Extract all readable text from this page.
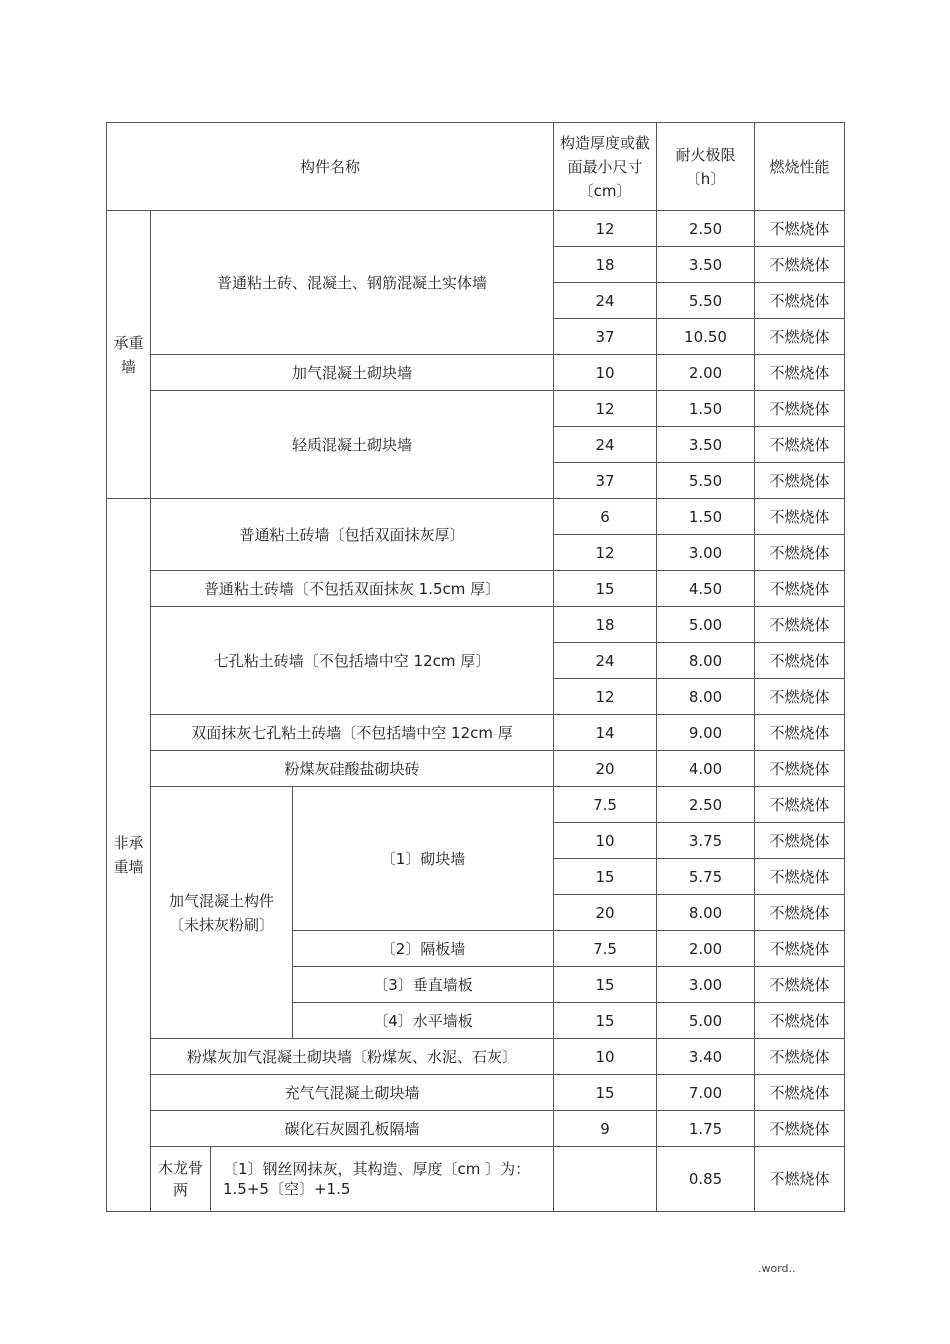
构件名称				构造厚度或截面最小尺寸〔cm〕	耐火极限〔h〕	燃烧性能
承重墙	普通粘土砖、混凝土、钢筋混凝土实体墙			12	2.50	不燃烧体
				18	3.50	不燃烧体
				24	5.50	不燃烧体
				37	10.50	不燃烧体
	加气混凝土砌块墙			10	2.00	不燃烧体
	轻质混凝土砌块墙			12	1.50	不燃烧体
				24	3.50	不燃烧体
				37	5.50	不燃烧体
非承重墙	普通粘土砖墙〔包括双面抹灰厚〕			6	1.50	不燃烧体
				12	3.00	不燃烧体
	普通粘土砖墙〔不包括双面抹灰 1.5cm 厚〕			15	4.50	不燃烧体
	七孔粘土砖墙〔不包括墙中空 12cm 厚〕			18	5.00	不燃烧体
				24	8.00	不燃烧体
				12	8.00	不燃烧体
	双面抹灰七孔粘土砖墙〔不包括墙中空 12cm 厚			14	9.00	不燃烧体
	粉煤灰硅酸盐砌块砖			20	4.00	不燃烧体
	加气混凝土构件〔未抹灰粉刷〕		〔1〕砌块墙	7.5	2.50	不燃烧体
				10	3.75	不燃烧体
				15	5.75	不燃烧体
				20	8.00	不燃烧体
			〔2〕隔板墙	7.5	2.00	不燃烧体
			〔3〕垂直墙板	15	3.00	不燃烧体
			〔4〕水平墙板	15	5.00	不燃烧体
	粉煤灰加气混凝土砌块墙〔粉煤灰、水泥、石灰〕			10	3.40	不燃烧体
	充气气混凝土砌块墙			15	7.00	不燃烧体
	碳化石灰圆孔板隔墙			9	1.75	不燃烧体
	木龙骨两	〔1〕钢丝网抹灰，其构造、厚度〔cm 〕为：1.5+5〔空〕+1.5			0.85	不燃烧体
.word..
